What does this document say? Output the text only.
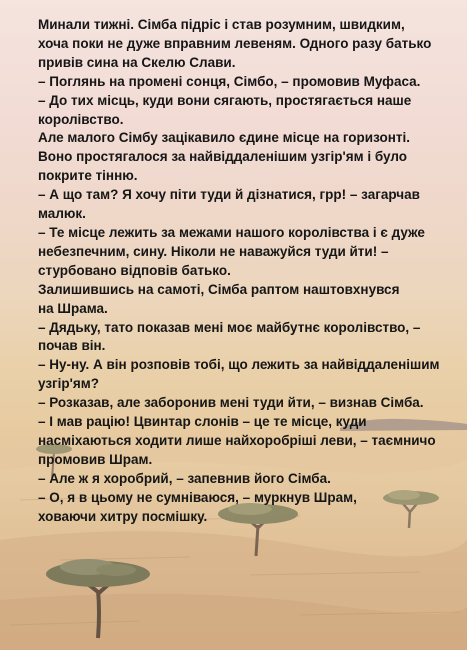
Минали тижні. Сімба підріс і став розумним, швидким,
хоча поки не дуже вправним левеням. Одного разу батько
привів сина на Скелю Слави.
– Поглянь на промені сонця, Сімбо, – промовив Муфаса.
– До тих місць, куди вони сягають, простягається наше
королівство.
Але малого Сімбу зацікавило єдине місце на горизонті.
Воно простягалося за найвіддаленішим узгір'ям і було
покрите тінню.
– А що там? Я хочу піти туди й дізнатися, грр! – загарчав
малюк.
– Те місце лежить за межами нашого королівства і є дуже
небезпечним, сину. Ніколи не наважуйся туди йти! –
стурбовано відповів батько.
Залишившись на самоті, Сімба раптом наштовхнувся
на Шрама.
– Дядьку, тато показав мені моє майбутнє королівство, –
почав він.
– Ну-ну. А він розповів тобі, що лежить за найвіддаленішим
узгір'ям?
– Розказав, але заборонив мені туди йти, – визнав Сімба.
– І мав рацію! Цвинтар слонів – це те місце, куди
насміхаються ходити лише найхоробріші леви, – таємничо
промовив Шрам.
– Але ж я хоробрий, – запевнив його Сімба.
– О, я в цьому не сумніваюся, – муркнув Шрам,
ховаючи хитру посмішку.
